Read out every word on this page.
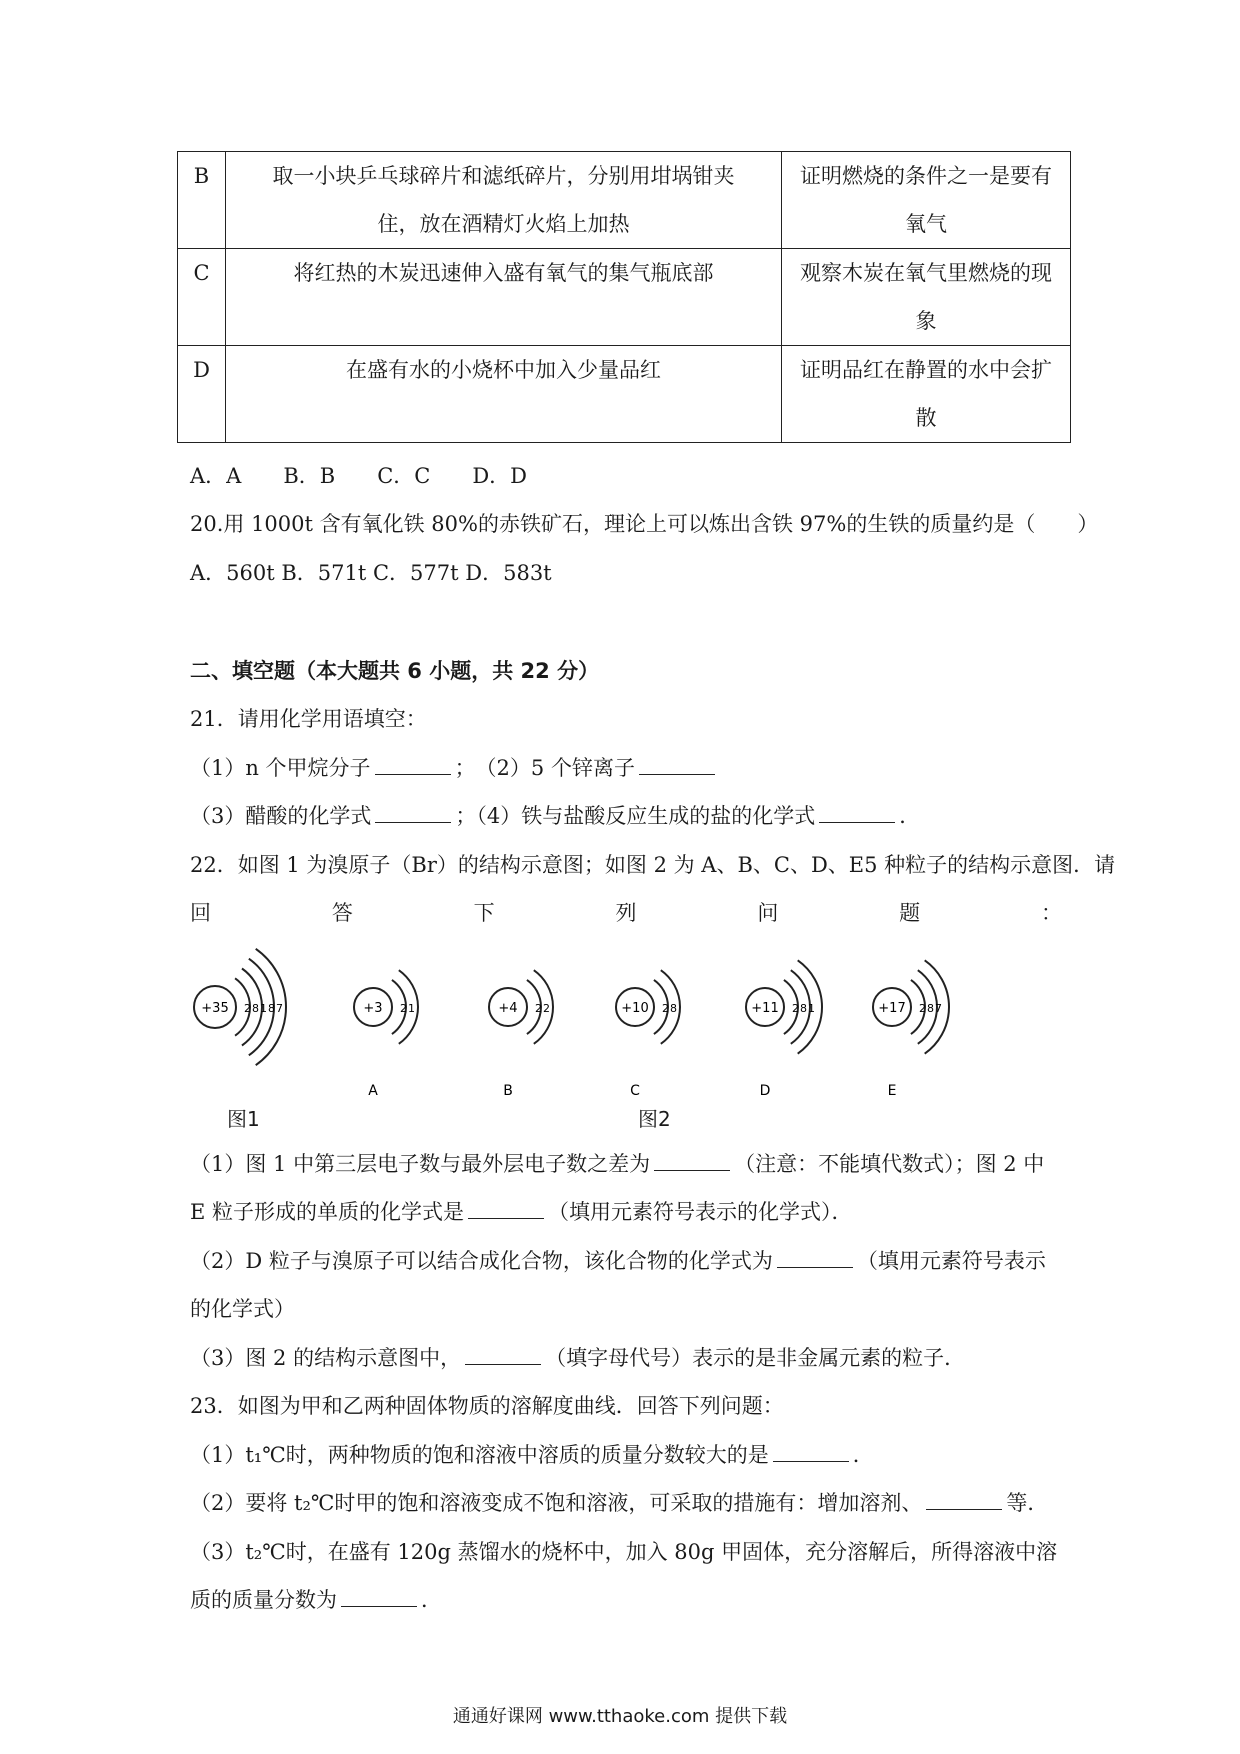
B	取一小块乒乓球碎片和滤纸碎片，分别用坩埚钳夹
住，放在酒精灯火焰上加热	证明燃烧的条件之一是要有
氧气
C	将红热的木炭迅速伸入盛有氧气的集气瓶底部	观察木炭在氧气里燃烧的现
象
D	在盛有水的小烧杯中加入少量品红	证明品红在静置的水中会扩
散
A．A　　B．B　　C．C　　D．D
20.用 1000t 含有氧化铁 80%的赤铁矿石，理论上可以炼出含铁 97%的生铁的质量约是（　　）
A．560t B．571t C．577t D．583t
二、填空题（本大题共 6 小题，共 22 分）
21．请用化学用语填空：
（1）n 个甲烷分子	；　（2）5 个锌离子
（3）醋酸的化学式	；（4）铁与盐酸反应生成的盐的化学式	．
22．如图 1 为溴原子（Br）的结构示意图；如图 2 为 A、B、C、D、E5 种粒子的结构示意图．请
回	答	下	列	问	题	：
+35 28187	+3 21
A
+4 22
B
+10 28
C
+11 281
D
+17 287
E
图1	图2
（1）图 1 中第三层电子数与最外层电子数之差为	（注意：不能填代数式）；图 2 中
E 粒子形成的单质的化学式是	（填用元素符号表示的化学式）．
（2）D 粒子与溴原子可以结合成化合物，该化合物的化学式为	（填用元素符号表示
的化学式）
（3）图 2 的结构示意图中，	（填字母代号）表示的是非金属元素的粒子．
23．如图为甲和乙两种固体物质的溶解度曲线．回答下列问题：
（1）t₁℃时，两种物质的饱和溶液中溶质的质量分数较大的是	．
（2）要将 t₂℃时甲的饱和溶液变成不饱和溶液，可采取的措施有：增加溶剂、	等．
（3）t₂℃时，在盛有 120g 蒸馏水的烧杯中，加入 80g 甲固体，充分溶解后，所得溶液中溶
质的质量分数为	．
通通好课网 www.tthaoke.com 提供下载
